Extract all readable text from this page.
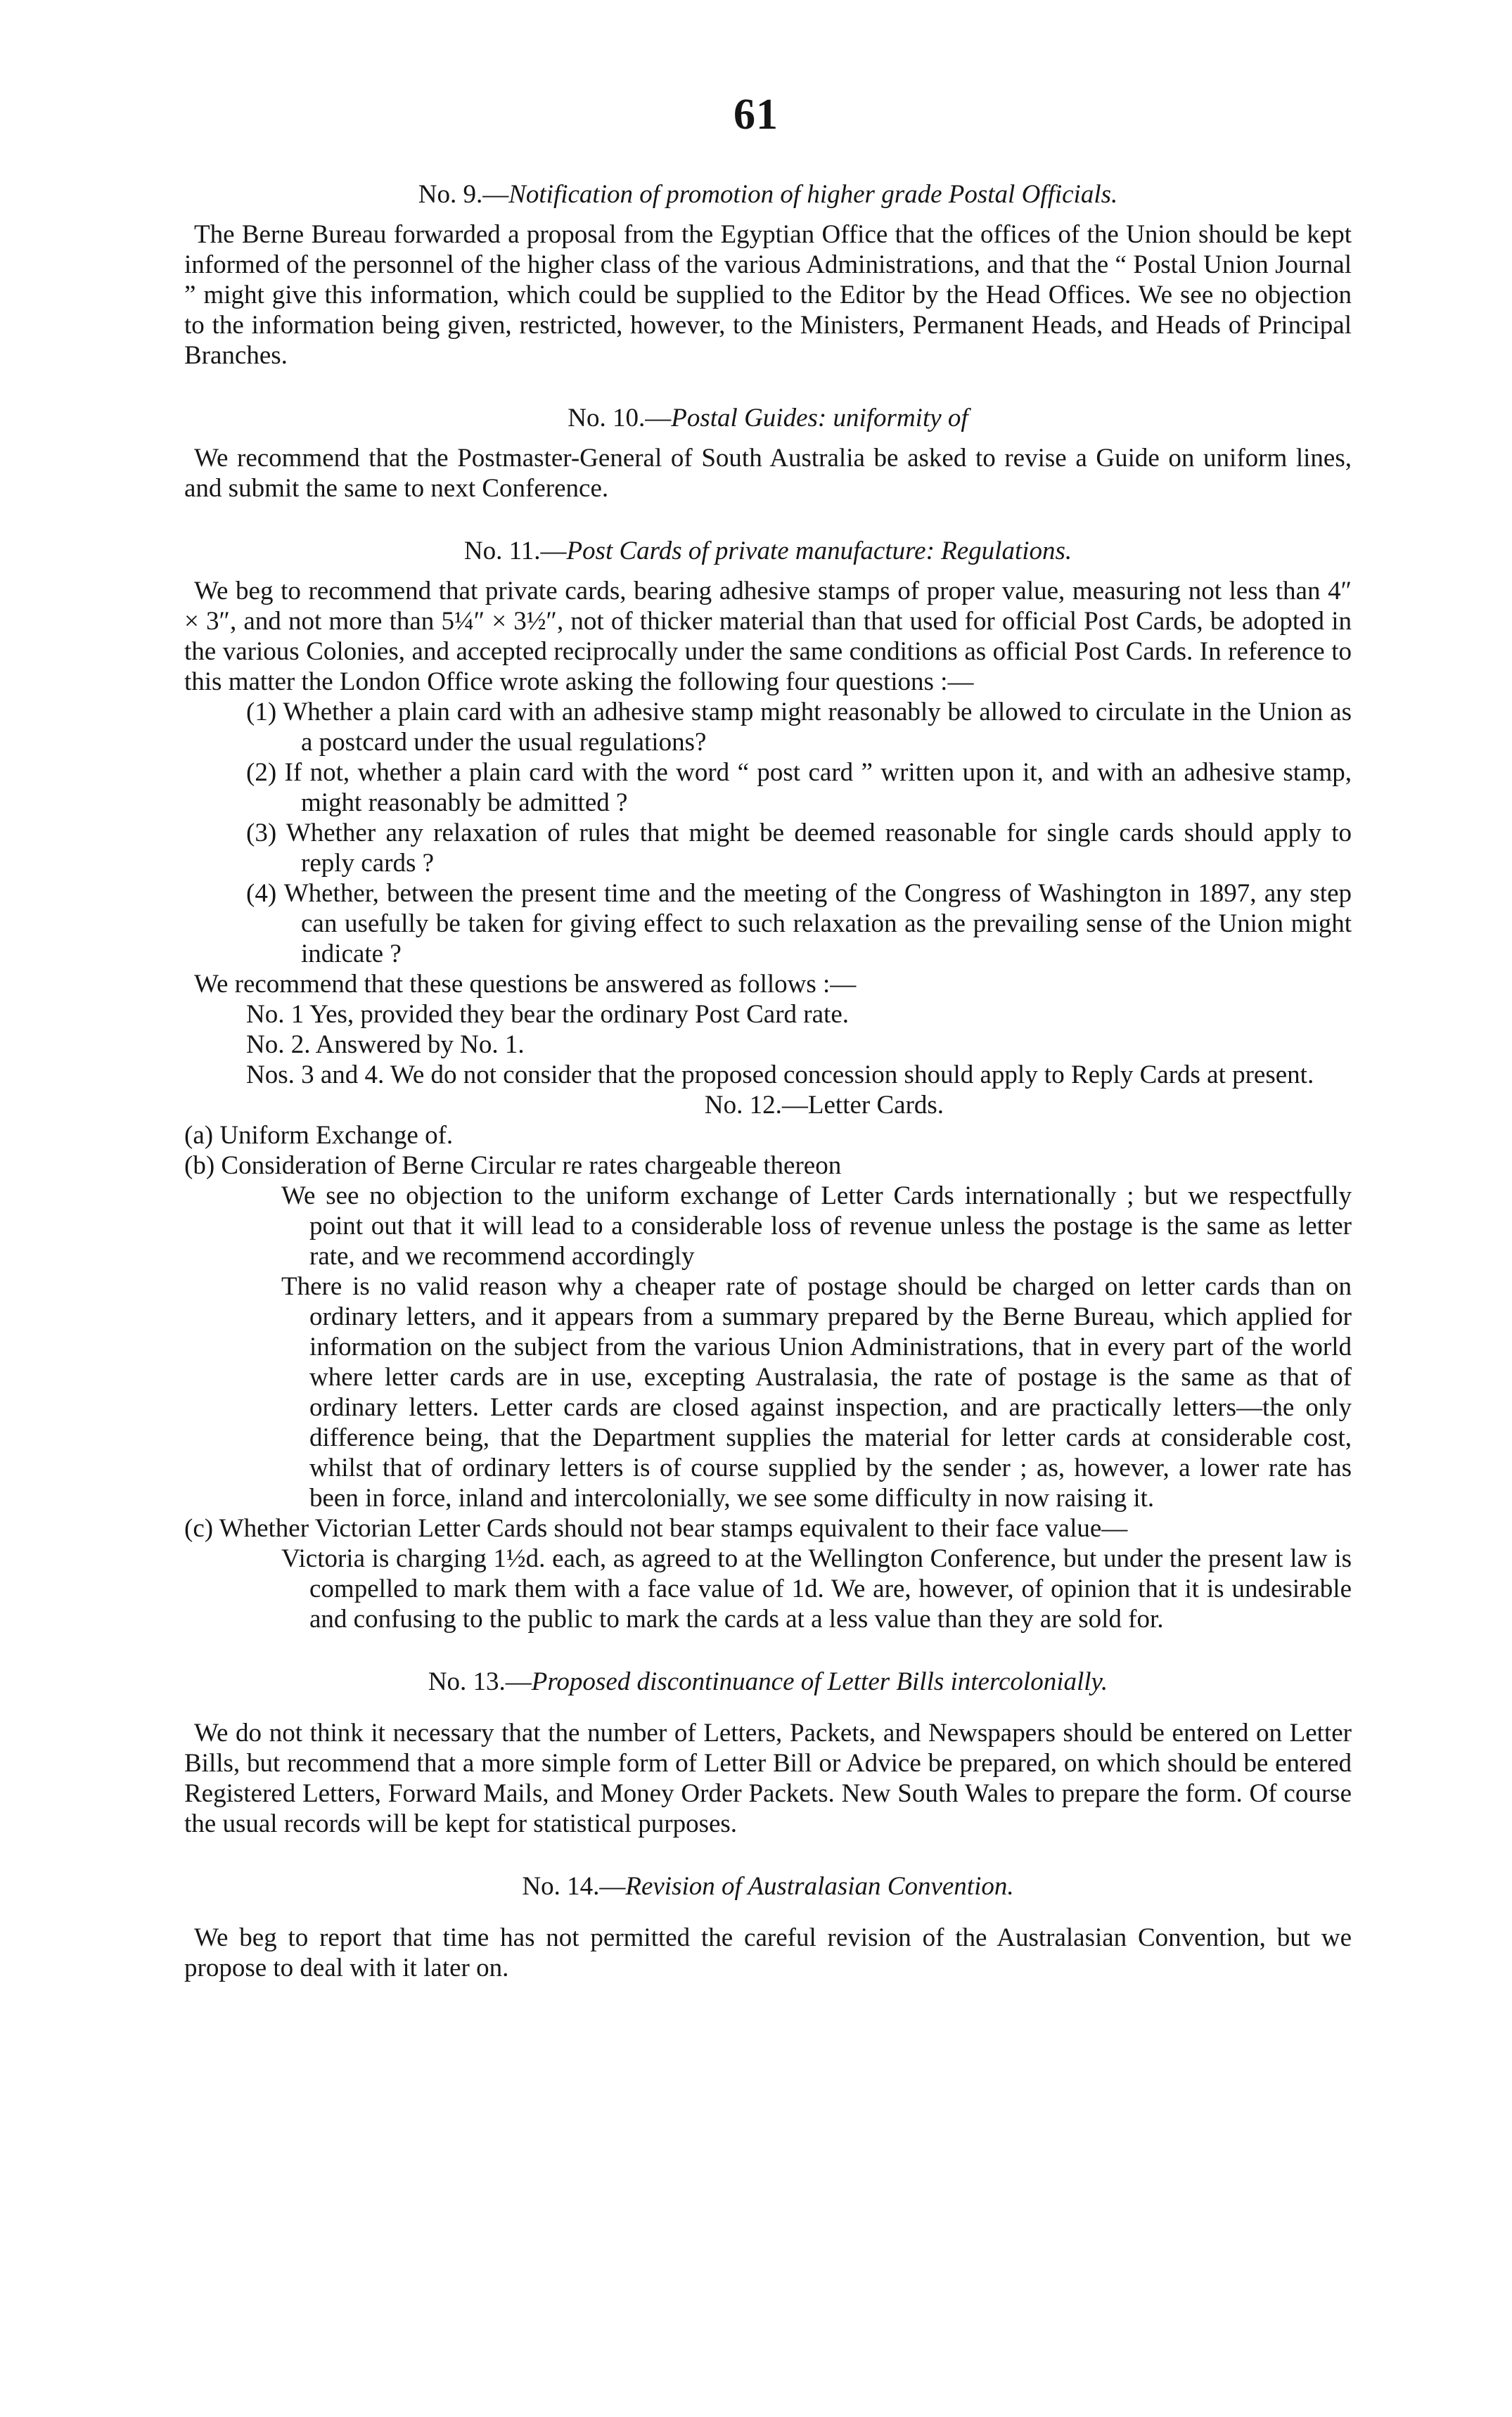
61

No. 9.—Notification of promotion of higher grade Postal Officials.

The Berne Bureau forwarded a proposal from the Egyptian Office that the offices of the Union should be kept informed of the personnel of the higher class of the various Administrations, and that the “ Postal Union Journal ” might give this information, which could be supplied to the Editor by the Head Offices. We see no objection to the information being given, restricted, however, to the Ministers, Permanent Heads, and Heads of Principal Branches.

No. 10.—Postal Guides: uniformity of

We recommend that the Postmaster-General of South Australia be asked to revise a Guide on uniform lines, and submit the same to next Conference.

No. 11.—Post Cards of private manufacture: Regulations.

We beg to recommend that private cards, bearing adhesive stamps of proper value, measuring not less than 4″ × 3″, and not more than 5¼″ × 3½″, not of thicker material than that used for official Post Cards, be adopted in the various Colonies, and accepted reciprocally under the same conditions as official Post Cards. In reference to this matter the London Office wrote asking the following four questions :—

(1) Whether a plain card with an adhesive stamp might reasonably be allowed to circulate in the Union as a postcard under the usual regulations?

(2) If not, whether a plain card with the word “ post card ” written upon it, and with an adhesive stamp, might reasonably be admitted ?

(3) Whether any relaxation of rules that might be deemed reasonable for single cards should apply to reply cards ?

(4) Whether, between the present time and the meeting of the Congress of Washington in 1897, any step can usefully be taken for giving effect to such relaxation as the prevailing sense of the Union might indicate ?

We recommend that these questions be answered as follows :—

No. 1 Yes, provided they bear the ordinary Post Card rate.

No. 2. Answered by No. 1.

Nos. 3 and 4. We do not consider that the proposed concession should apply to Reply Cards at present.

No. 12.—Letter Cards.

(a) Uniform Exchange of.

(b) Consideration of Berne Circular re rates chargeable thereon

We see no objection to the uniform exchange of Letter Cards internationally ; but we respectfully point out that it will lead to a considerable loss of revenue unless the postage is the same as letter rate, and we recommend accordingly

There is no valid reason why a cheaper rate of postage should be charged on letter cards than on ordinary letters, and it appears from a summary prepared by the Berne Bureau, which applied for information on the subject from the various Union Administrations, that in every part of the world where letter cards are in use, excepting Australasia, the rate of postage is the same as that of ordinary letters. Letter cards are closed against inspection, and are practically letters—the only difference being, that the Department supplies the material for letter cards at considerable cost, whilst that of ordinary letters is of course supplied by the sender ; as, however, a lower rate has been in force, inland and intercolonially, we see some difficulty in now raising it.

(c) Whether Victorian Letter Cards should not bear stamps equivalent to their face value—

Victoria is charging 1½d. each, as agreed to at the Wellington Conference, but under the present law is compelled to mark them with a face value of 1d. We are, however, of opinion that it is undesirable and confusing to the public to mark the cards at a less value than they are sold for.

No. 13.—Proposed discontinuance of Letter Bills intercolonially.

We do not think it necessary that the number of Letters, Packets, and Newspapers should be entered on Letter Bills, but recommend that a more simple form of Letter Bill or Advice be prepared, on which should be entered Registered Letters, Forward Mails, and Money Order Packets. New South Wales to prepare the form. Of course the usual records will be kept for statistical purposes.

No. 14.—Revision of Australasian Convention.

We beg to report that time has not permitted the careful revision of the Australasian Convention, but we propose to deal with it later on.
